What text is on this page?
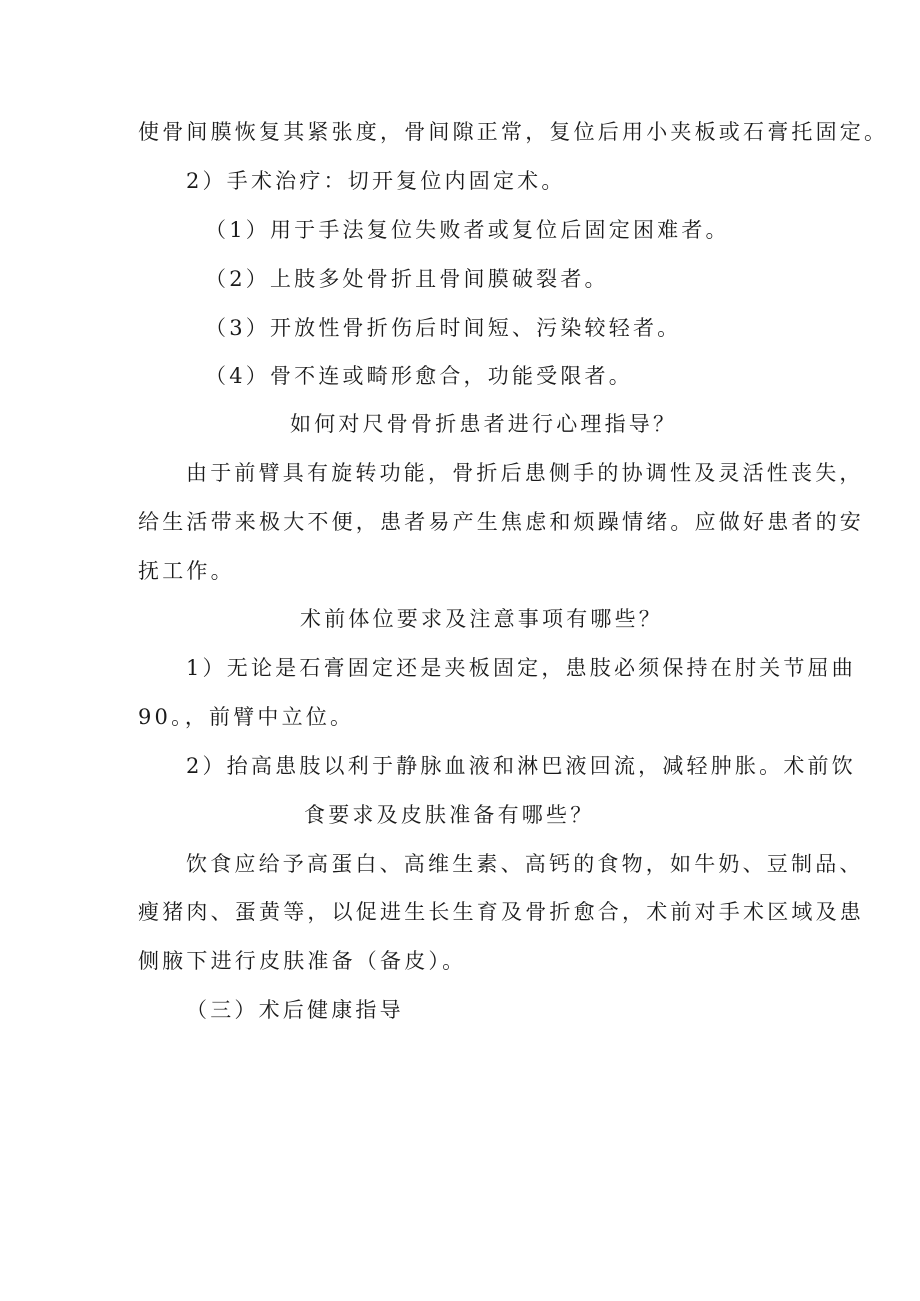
使骨间膜恢复其紧张度，骨间隙正常，复位后用小夹板或石膏托固定。
2）手术治疗：切开复位内固定术。
（1）用于手法复位失败者或复位后固定困难者。
（2）上肢多处骨折且骨间膜破裂者。
（3）开放性骨折伤后时间短、污染较轻者。
（4）骨不连或畸形愈合，功能受限者。
如何对尺骨骨折患者进行心理指导？
由于前臂具有旋转功能，骨折后患侧手的协调性及灵活性丧失，
给生活带来极大不便，患者易产生焦虑和烦躁情绪。应做好患者的安
抚工作。
术前体位要求及注意事项有哪些？
1）无论是石膏固定还是夹板固定，患肢必须保持在肘关节屈曲
90。，前臂中立位。
2）抬高患肢以利于静脉血液和淋巴液回流，减轻肿胀。术前饮
食要求及皮肤准备有哪些？
饮食应给予高蛋白、高维生素、高钙的食物，如牛奶、豆制品、
瘦猪肉、蛋黄等，以促进生长生育及骨折愈合，术前对手术区域及患
侧腋下进行皮肤准备（备皮）。
（三）术后健康指导
